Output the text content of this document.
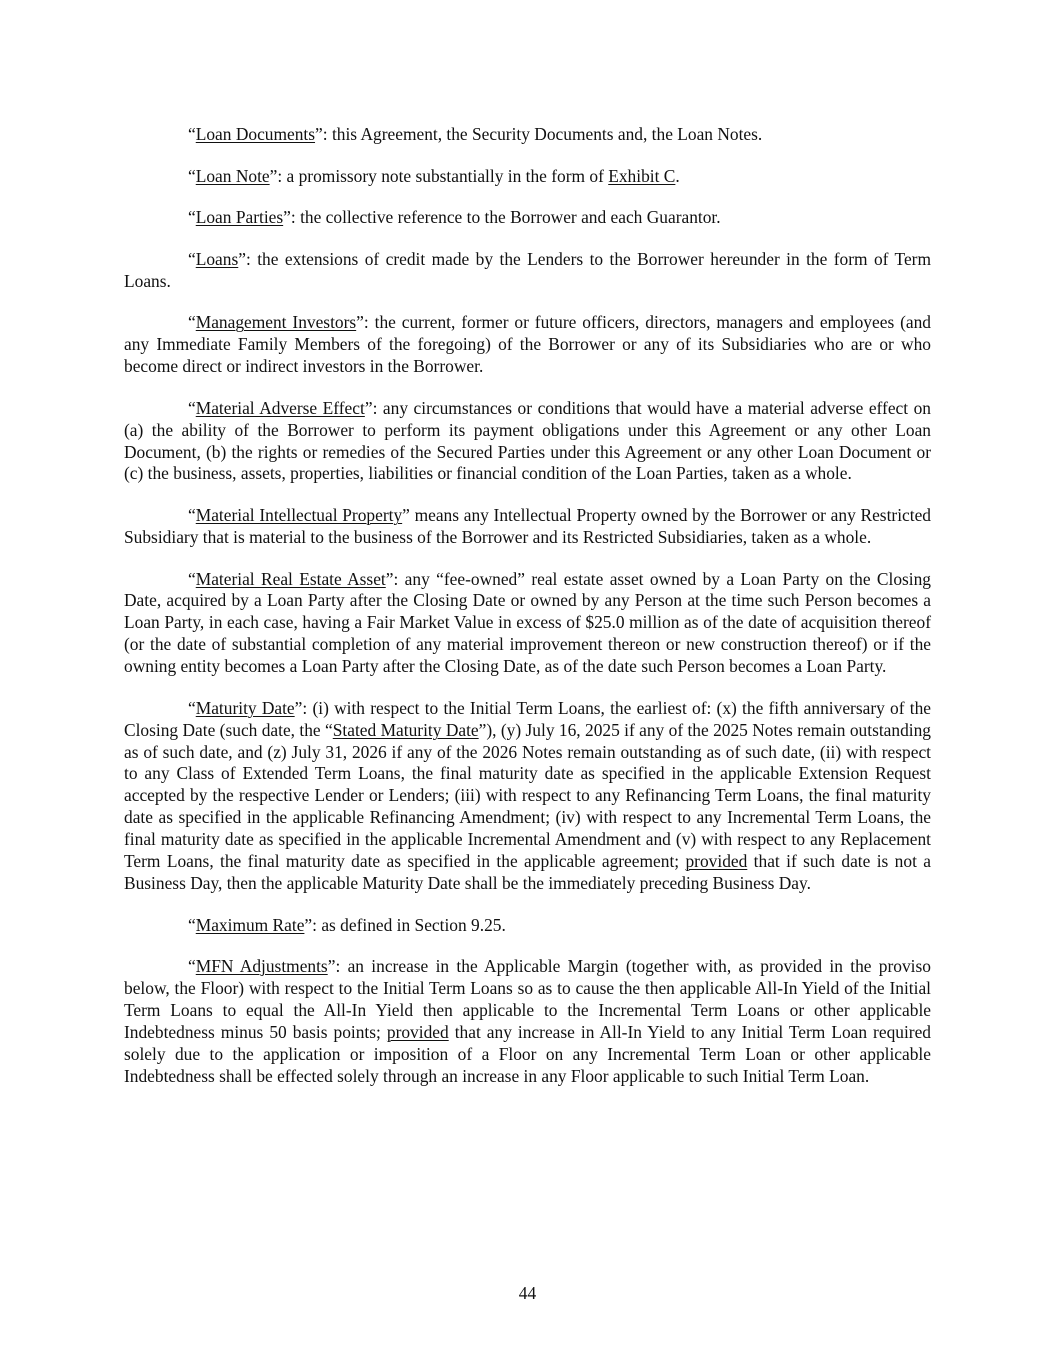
“Loan Documents”: this Agreement, the Security Documents and, the Loan Notes.

“Loan Note”: a promissory note substantially in the form of Exhibit C.

“Loan Parties”: the collective reference to the Borrower and each Guarantor.

“Loans”: the extensions of credit made by the Lenders to the Borrower hereunder in the form of Term Loans.

“Management Investors”: the current, former or future officers, directors, managers and employees (and any Immediate Family Members of the foregoing) of the Borrower or any of its Subsidiaries who are or who become direct or indirect investors in the Borrower.

“Material Adverse Effect”: any circumstances or conditions that would have a material adverse effect on (a) the ability of the Borrower to perform its payment obligations under this Agreement or any other Loan Document, (b) the rights or remedies of the Secured Parties under this Agreement or any other Loan Document or (c) the business, assets, properties, liabilities or financial condition of the Loan Parties, taken as a whole.

“Material Intellectual Property” means any Intellectual Property owned by the Borrower or any Restricted Subsidiary that is material to the business of the Borrower and its Restricted Subsidiaries, taken as a whole.

“Material Real Estate Asset”: any “fee-owned” real estate asset owned by a Loan Party on the Closing Date, acquired by a Loan Party after the Closing Date or owned by any Person at the time such Person becomes a Loan Party, in each case, having a Fair Market Value in excess of $25.0 million as of the date of acquisition thereof (or the date of substantial completion of any material improvement thereon or new construction thereof) or if the owning entity becomes a Loan Party after the Closing Date, as of the date such Person becomes a Loan Party.

“Maturity Date”: (i) with respect to the Initial Term Loans, the earliest of: (x) the fifth anniversary of the Closing Date (such date, the “Stated Maturity Date”), (y) July 16, 2025 if any of the 2025 Notes remain outstanding as of such date, and (z) July 31, 2026 if any of the 2026 Notes remain outstanding as of such date, (ii) with respect to any Class of Extended Term Loans, the final maturity date as specified in the applicable Extension Request accepted by the respective Lender or Lenders; (iii) with respect to any Refinancing Term Loans, the final maturity date as specified in the applicable Refinancing Amendment; (iv) with respect to any Incremental Term Loans, the final maturity date as specified in the applicable Incremental Amendment and (v) with respect to any Replacement Term Loans, the final maturity date as specified in the applicable agreement; provided that if such date is not a Business Day, then the applicable Maturity Date shall be the immediately preceding Business Day.

“Maximum Rate”: as defined in Section 9.25.

“MFN Adjustments”: an increase in the Applicable Margin (together with, as provided in the proviso below, the Floor) with respect to the Initial Term Loans so as to cause the then applicable All-In Yield of the Initial Term Loans to equal the All-In Yield then applicable to the Incremental Term Loans or other applicable Indebtedness minus 50 basis points; provided that any increase in All-In Yield to any Initial Term Loan required solely due to the application or imposition of a Floor on any Incremental Term Loan or other applicable Indebtedness shall be effected solely through an increase in any Floor applicable to such Initial Term Loan.

44
